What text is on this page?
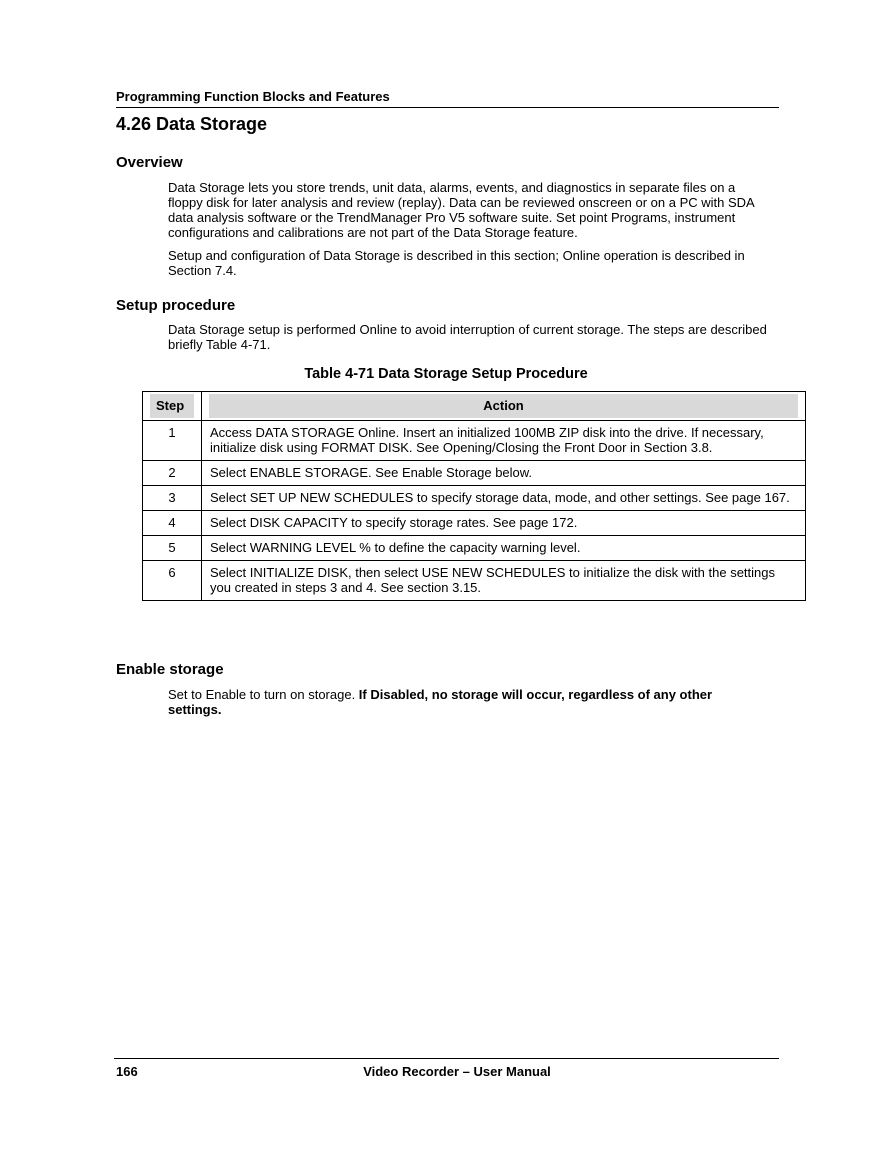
Programming Function Blocks and Features
4.26 Data Storage
Overview

Data Storage lets you store trends, unit data, alarms, events, and diagnostics in separate files on a floppy disk for later analysis and review (replay). Data can be reviewed onscreen or on a PC with SDA data analysis software or the TrendManager Pro V5 software suite. Set point Programs, instrument configurations and calibrations are not part of the Data Storage feature.

Setup and configuration of Data Storage is described in this section; Online operation is described in Section 7.4.

Setup procedure

Data Storage setup is performed Online to avoid interruption of current storage. The steps are described briefly Table 4-71.

Table 4-71 Data Storage Setup Procedure
Step	Action

1	Access DATA STORAGE Online. Insert an initialized 100MB ZIP disk into the drive. If necessary, initialize disk using FORMAT DISK. See Opening/Closing the Front Door in Section 3.8.
2	Select ENABLE STORAGE. See Enable Storage below.
3	Select SET UP NEW SCHEDULES to specify storage data, mode, and other settings. See page 167.
4	Select DISK CAPACITY to specify storage rates. See page 172.
5	Select WARNING LEVEL % to define the capacity warning level.
6	Select INITIALIZE DISK, then select USE NEW SCHEDULES to initialize the disk with the settings you created in steps 3 and 4. See section 3.15.
Enable storage

Set to Enable to turn on storage. If Disabled, no storage will occur, regardless of any other settings.

166	Video Recorder – User Manual
